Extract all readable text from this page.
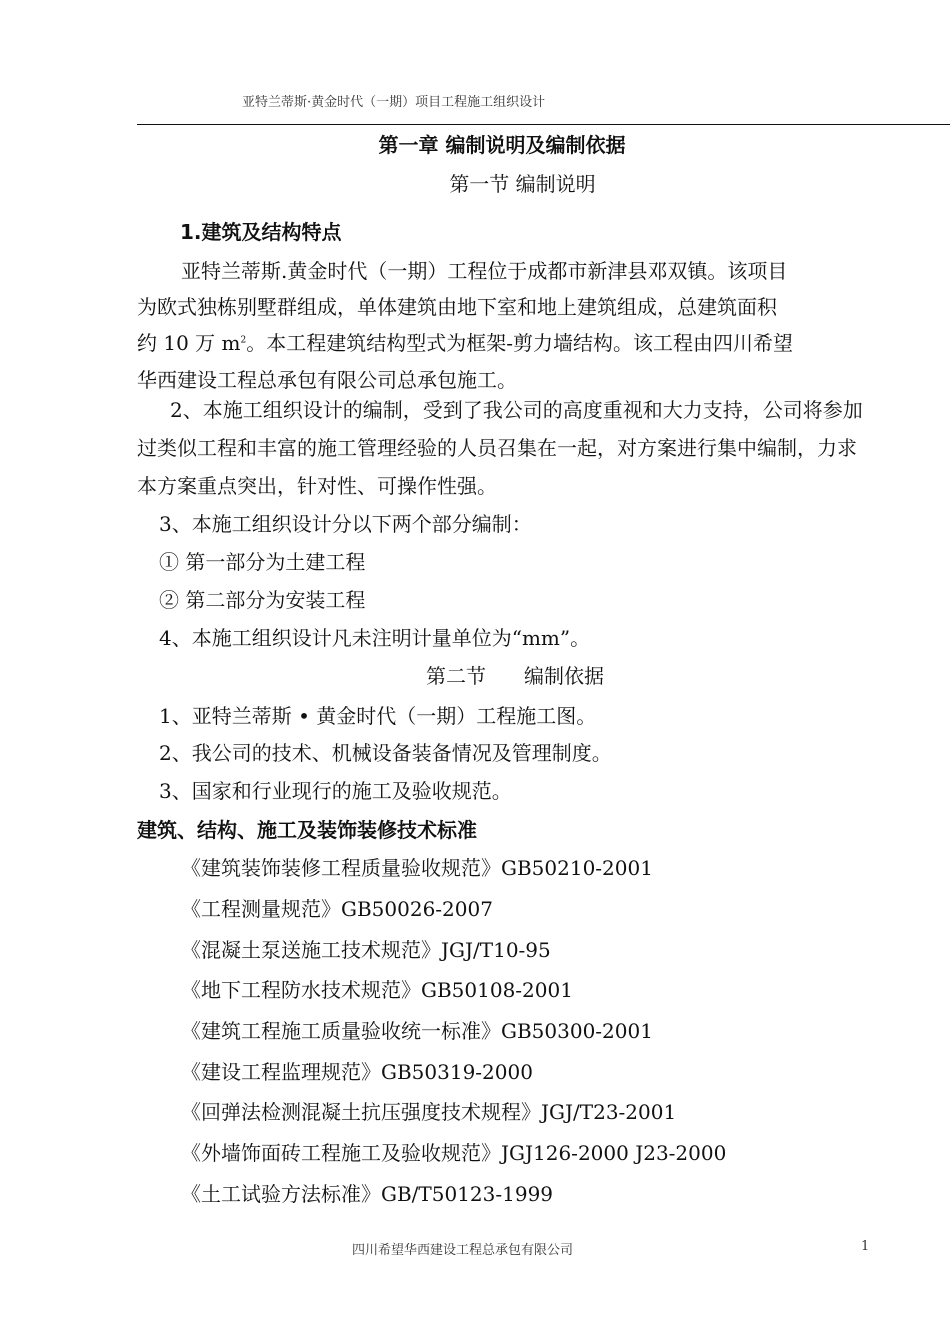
亚特兰蒂斯·黄金时代（一期）项目工程施工组织设计
第一章 编制说明及编制依据
第一节 编制说明
1.建筑及结构特点
亚特兰蒂斯.黄金时代（一期）工程位于成都市新津县邓双镇。该项目
为欧式独栋别墅群组成，单体建筑由地下室和地上建筑组成，总建筑面积
约 10 万 $m^2$。本工程建筑结构型式为框架-剪力墙结构。该工程由四川希望
华西建设工程总承包有限公司总承包施工。
2、本施工组织设计的编制，受到了我公司的高度重视和大力支持，公司将参加
过类似工程和丰富的施工管理经验的人员召集在一起，对方案进行集中编制，力求
本方案重点突出，针对性、可操作性强。
3、本施工组织设计分以下两个部分编制：
① 第一部分为土建工程
② 第二部分为安装工程
4、本施工组织设计凡未注明计量单位为“mm”。
第二节 编制依据
1、亚特兰蒂斯 • 黄金时代（一期）工程施工图。
2、我公司的技术、机械设备装备情况及管理制度。
3、国家和行业现行的施工及验收规范。
建筑、结构、施工及装饰装修技术标准
《建筑装饰装修工程质量验收规范》GB50210-2001
《工程测量规范》GB50026-2007
《混凝土泵送施工技术规范》JGJ/T10-95
《地下工程防水技术规范》GB50108-2001
《建筑工程施工质量验收统一标准》GB50300-2001
《建设工程监理规范》GB50319-2000
《回弹法检测混凝土抗压强度技术规程》JGJ/T23-2001
《外墙饰面砖工程施工及验收规范》JGJ126-2000 J23-2000
《土工试验方法标准》GB/T50123-1999
四川希望华西建设工程总承包有限公司	1
